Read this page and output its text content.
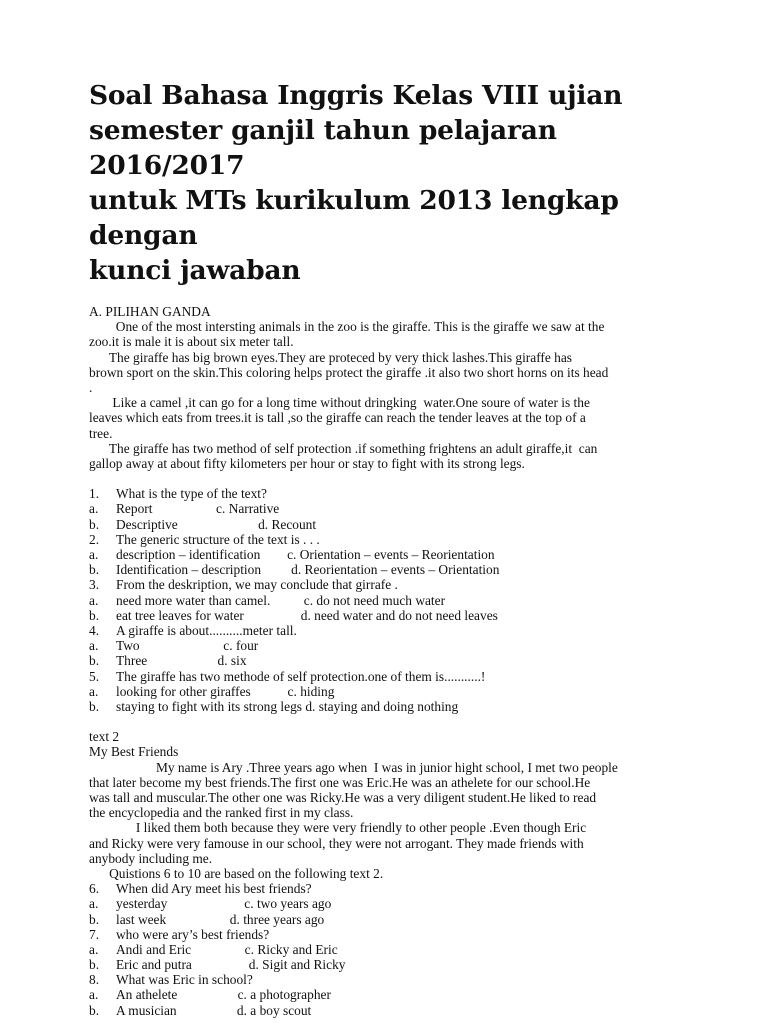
Soal Bahasa Inggris Kelas VIII ujian
semester ganjil tahun pelajaran 2016/2017
untuk MTs kurikulum 2013 lengkap dengan
kunci jawaban
A. PILIHAN GANDA
One of the most intersting animals in the zoo is the giraffe. This is the giraffe we saw at the
zoo.it is male it is about six meter tall.
The giraffe has big brown eyes.They are proteced by very thick lashes.This giraffe has
brown sport on the skin.This coloring helps protect the giraffe .it also two short horns on its head
.
Like a camel ,it can go for a long time without dringking  water.One soure of water is the
leaves which eats from trees.it is tall ,so the giraffe can reach the tender leaves at the top of a
tree.
The giraffe has two method of self protection .if something frightens an adult giraffe,it  can
gallop away at about fifty kilometers per hour or stay to fight with its strong legs.
1. What is the type of the text?
a. Report                   c. Narrative
b. Descriptive                        d. Recount
2. The generic structure of the text is . . .
a. description – identification        c. Orientation – events – Reorientation
b. Identification – description         d. Reorientation – events – Orientation
3. From the deskription, we may conclude that girrafe .
a. need more water than camel.          c. do not need much water
b. eat tree leaves for water                 d. need water and do not need leaves
4. A giraffe is about..........meter tall.
a. Two                         c. four
b. Three                     d. six
5. The giraffe has two methode of self protection.one of them is...........!
a. looking for other giraffes           c. hiding
b. staying to fight with its strong legs d. staying and doing nothing
text 2
My Best Friends
My name is Ary .Three years ago when  I was in junior hight school, I met two people
that later become my best friends.The first one was Eric.He was an athelete for our school.He
was tall and muscular.The other one was Ricky.He was a very diligent student.He liked to read
the encyclopedia and the ranked first in my class.
I liked them both because they were very friendly to other people .Even though Eric
and Ricky were very famouse in our school, they were not arrogant. They made friends with
anybody including me.
Quistions 6 to 10 are based on the following text 2.
6. When did Ary meet his best friends?
a. yesterday                       c. two years ago
b. last week                   d. three years ago
7. who were ary’s best friends?
a. Andi and Eric                c. Ricky and Eric
b. Eric and putra                 d. Sigit and Ricky
8. What was Eric in school?
a. An athelete                  c. a photographer
b. A musician                  d. a boy scout
